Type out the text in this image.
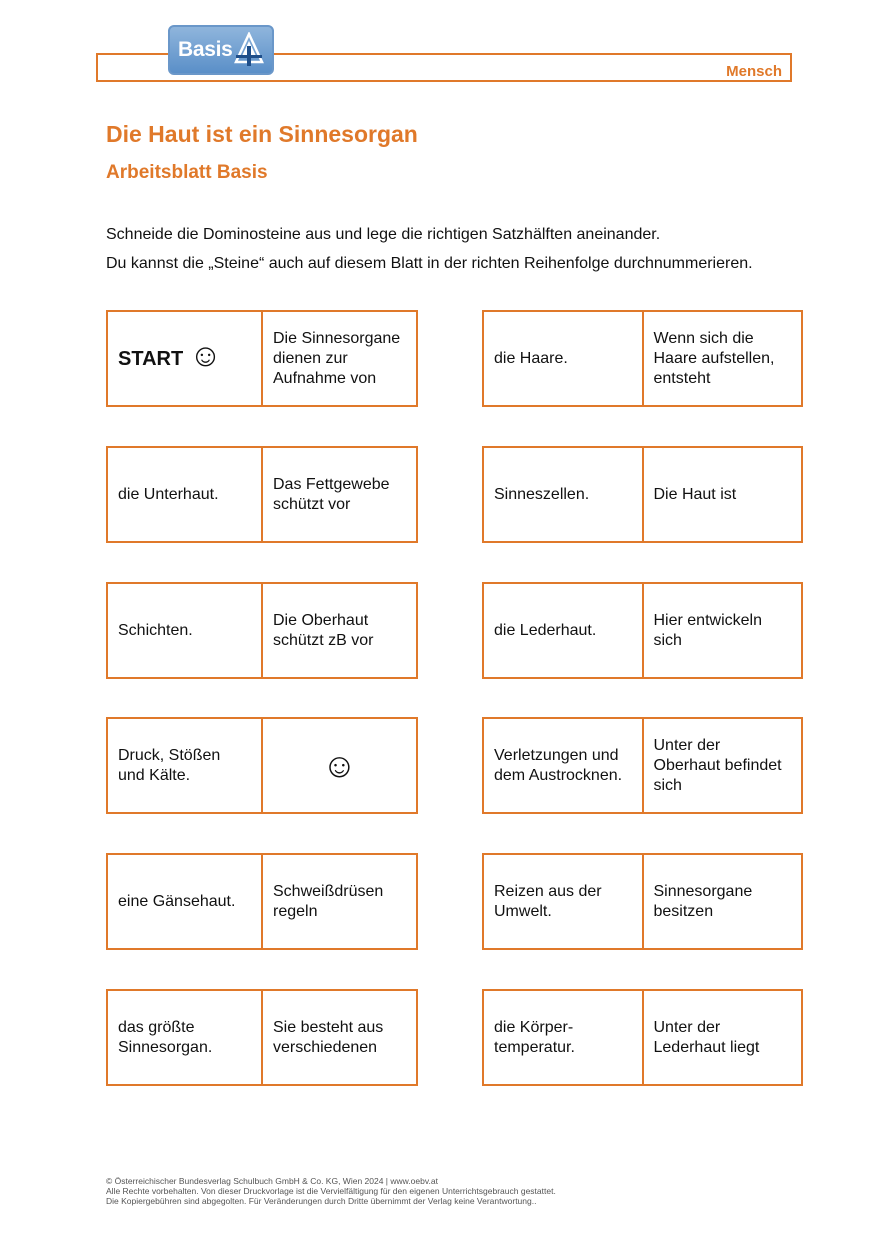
Basis
Mensch
Die Haut ist ein Sinnesorgan
Arbeitsblatt Basis

Schneide die Dominosteine aus und lege die richtigen Satzhälften aneinander.

Du kannst die „Steine“ auch auf diesem Blatt in der richten Reihenfolge durchnummerieren.

START ☺	Die Sinnesorgane dienen zur Aufnahme von
die Haare.
Wenn sich die Haare aufstellen, entsteht
die Unterhaut.
Das Fettgewebe schützt vor
Sinneszellen.	Die Haut ist
Schichten.
Die Oberhaut schützt zB vor
die Lederhaut.
Hier entwickeln sich
Druck, Stößen und Kälte.	☺	Verletzungen und dem Austrocknen.
Unter der Oberhaut befindet sich
eine Gänsehaut.
Schweißdrüsen regeln
Reizen aus der Umwelt.
Sinnesorgane besitzen
das größte Sinnesorgan.
Sie besteht aus verschiedenen
die Körper-temperatur.
Unter der Lederhaut liegt
© Österreichischer Bundesverlag Schulbuch GmbH & Co. KG, Wien 2024 | www.oebv.at
Alle Rechte vorbehalten. Von dieser Druckvorlage ist die Vervielfältigung für den eigenen Unterrichtsgebrauch gestattet.
Die Kopiergebühren sind abgegolten. Für Veränderungen durch Dritte übernimmt der Verlag keine Verantwortung..
